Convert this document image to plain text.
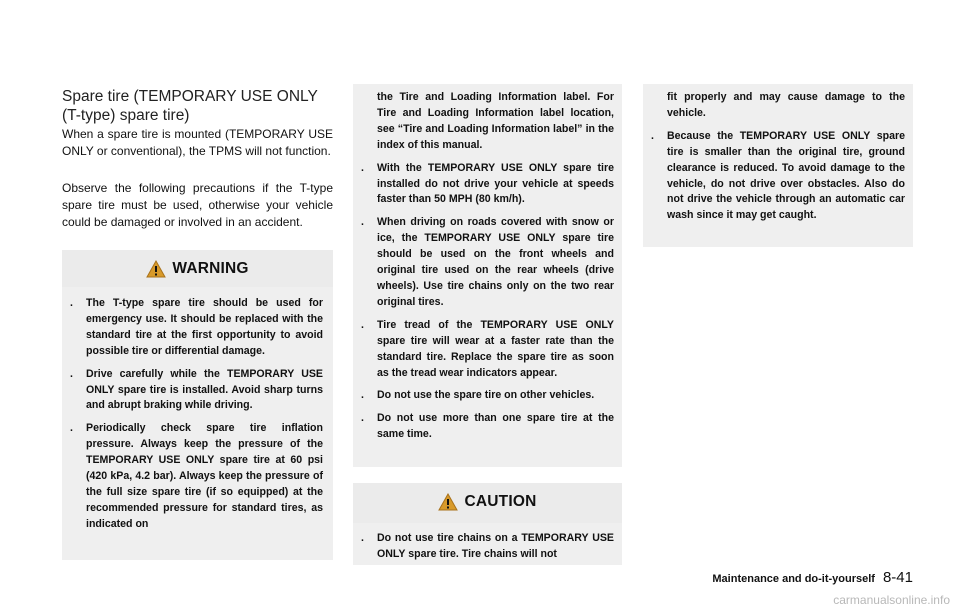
Spare tire (TEMPORARY USE ONLY (T-type) spare tire)

When a spare tire is mounted (TEMPORARY USE ONLY or conventional), the TPMS will not function.

Observe the following precautions if the T-type spare tire must be used, otherwise your vehicle could be damaged or involved in an accident.

WARNING
. The T-type spare tire should be used for emergency use. It should be replaced with the standard tire at the first opportunity to avoid possible tire or differential damage.
. Drive carefully while the TEMPORARY USE ONLY spare tire is installed. Avoid sharp turns and abrupt braking while driving.
. Periodically check spare tire inflation pressure. Always keep the pressure of the TEMPORARY USE ONLY spare tire at 60 psi (420 kPa, 4.2 bar). Always keep the pressure of the full size spare tire (if so equipped) at the recommended pressure for standard tires, as indicated on
the Tire and Loading Information label. For Tire and Loading Information label location, see “Tire and Loading Information label” in the index of this manual.
. With the TEMPORARY USE ONLY spare tire installed do not drive your vehicle at speeds faster than 50 MPH (80 km/h).
. When driving on roads covered with snow or ice, the TEMPORARY USE ONLY spare tire should be used on the front wheels and original tire used on the rear wheels (drive wheels). Use tire chains only on the two rear original tires.
. Tire tread of the TEMPORARY USE ONLY spare tire will wear at a faster rate than the standard tire. Replace the spare tire as soon as the tread wear indicators appear.
. Do not use the spare tire on other vehicles.
. Do not use more than one spare tire at the same time.
CAUTION
. Do not use tire chains on a TEMPORARY USE ONLY spare tire. Tire chains will not
fit properly and may cause damage to the vehicle.
. Because the TEMPORARY USE ONLY spare tire is smaller than the original tire, ground clearance is reduced. To avoid damage to the vehicle, do not drive over obstacles. Also do not drive the vehicle through an automatic car wash since it may get caught.
Maintenance and do-it-yourself 8-41
carmanualsonline.info
